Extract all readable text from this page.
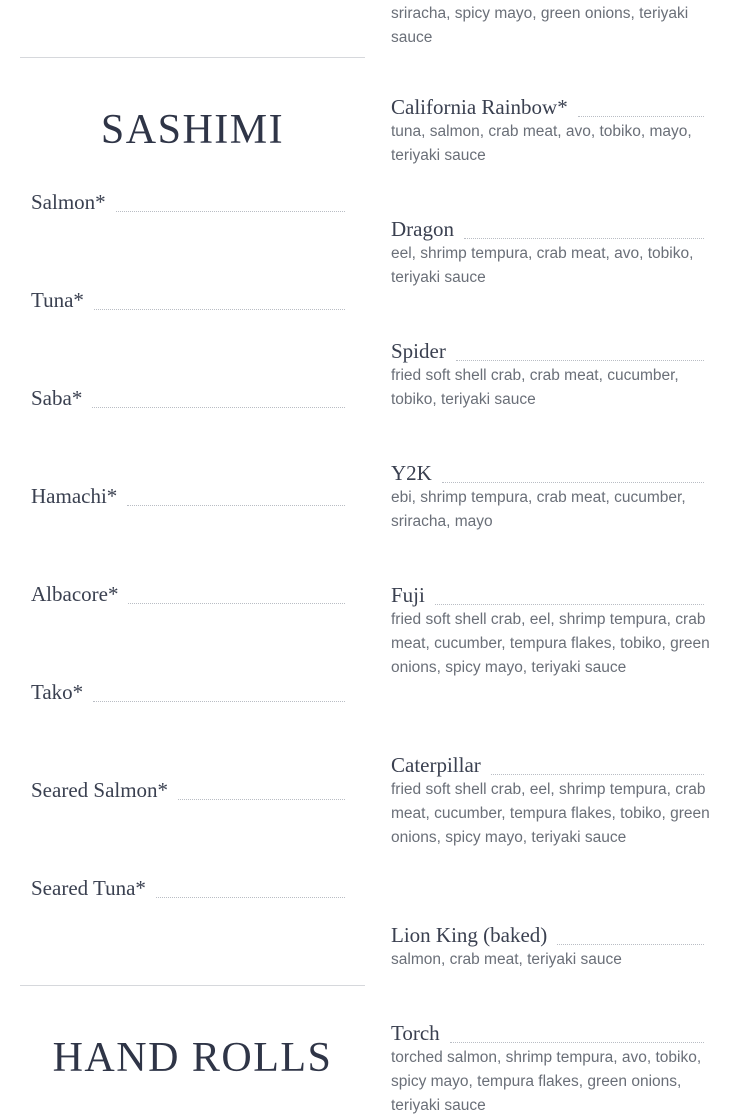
sriracha, spicy mayo, green onions, teriyaki sauce
SASHIMI
Salmon*
Tuna*
Saba*
Hamachi*
Albacore*
Tako*
Seared Salmon*
Seared Tuna*
HAND ROLLS
California Rainbow*
tuna, salmon, crab meat, avo, tobiko, mayo, teriyaki sauce
Dragon
eel, shrimp tempura, crab meat, avo, tobiko, teriyaki sauce
Spider
fried soft shell crab, crab meat, cucumber, tobiko, teriyaki sauce
Y2K
ebi, shrimp tempura, crab meat, cucumber, sriracha, mayo
Fuji
fried soft shell crab, eel, shrimp tempura, crab meat, cucumber, tempura flakes, tobiko, green onions, spicy mayo, teriyaki sauce
Caterpillar
fried soft shell crab, eel, shrimp tempura, crab meat, cucumber, tempura flakes, tobiko, green onions, spicy mayo, teriyaki sauce
Lion King (baked)
salmon, crab meat, teriyaki sauce
Torch
torched salmon, shrimp tempura, avo, tobiko, spicy mayo, tempura flakes, green onions, teriyaki sauce
